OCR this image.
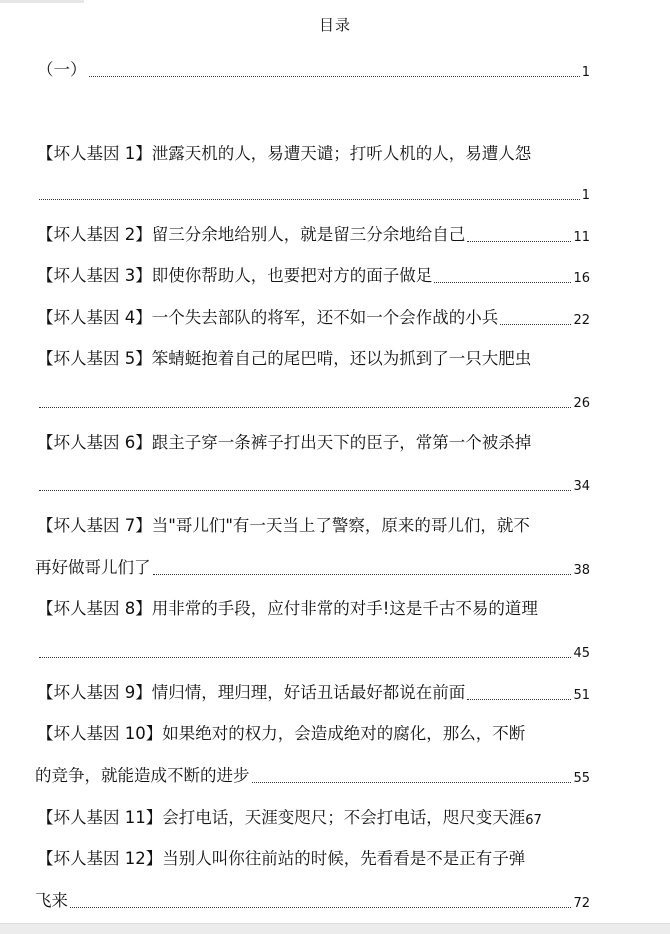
目录
（一）	1
【坏人基因 1】泄露天机的人，易遭天谴；打听人机的人，易遭人怨
1
【坏人基因 2】留三分余地给别人，就是留三分余地给自己	11
【坏人基因 3】即使你帮助人，也要把对方的面子做足	16
【坏人基因 4】一个失去部队的将军，还不如一个会作战的小兵	22
【坏人基因 5】笨蜻蜓抱着自己的尾巴啃，还以为抓到了一只大肥虫
26
【坏人基因 6】跟主子穿一条裤子打出天下的臣子，常第一个被杀掉
34
【坏人基因 7】当"哥儿们"有一天当上了警察，原来的哥儿们，就不
再好做哥儿们了	38
【坏人基因 8】用非常的手段，应付非常的对手!这是千古不易的道理
45
【坏人基因 9】情归情，理归理，好话丑话最好都说在前面	51
【坏人基因 10】如果绝对的权力，会造成绝对的腐化，那么，不断
的竞争，就能造成不断的进步	55
【坏人基因 11】会打电话，天涯变咫尺；不会打电话，咫尺变天涯 67
【坏人基因 12】当别人叫你往前站的时候，先看看是不是正有子弹
飞来	72
